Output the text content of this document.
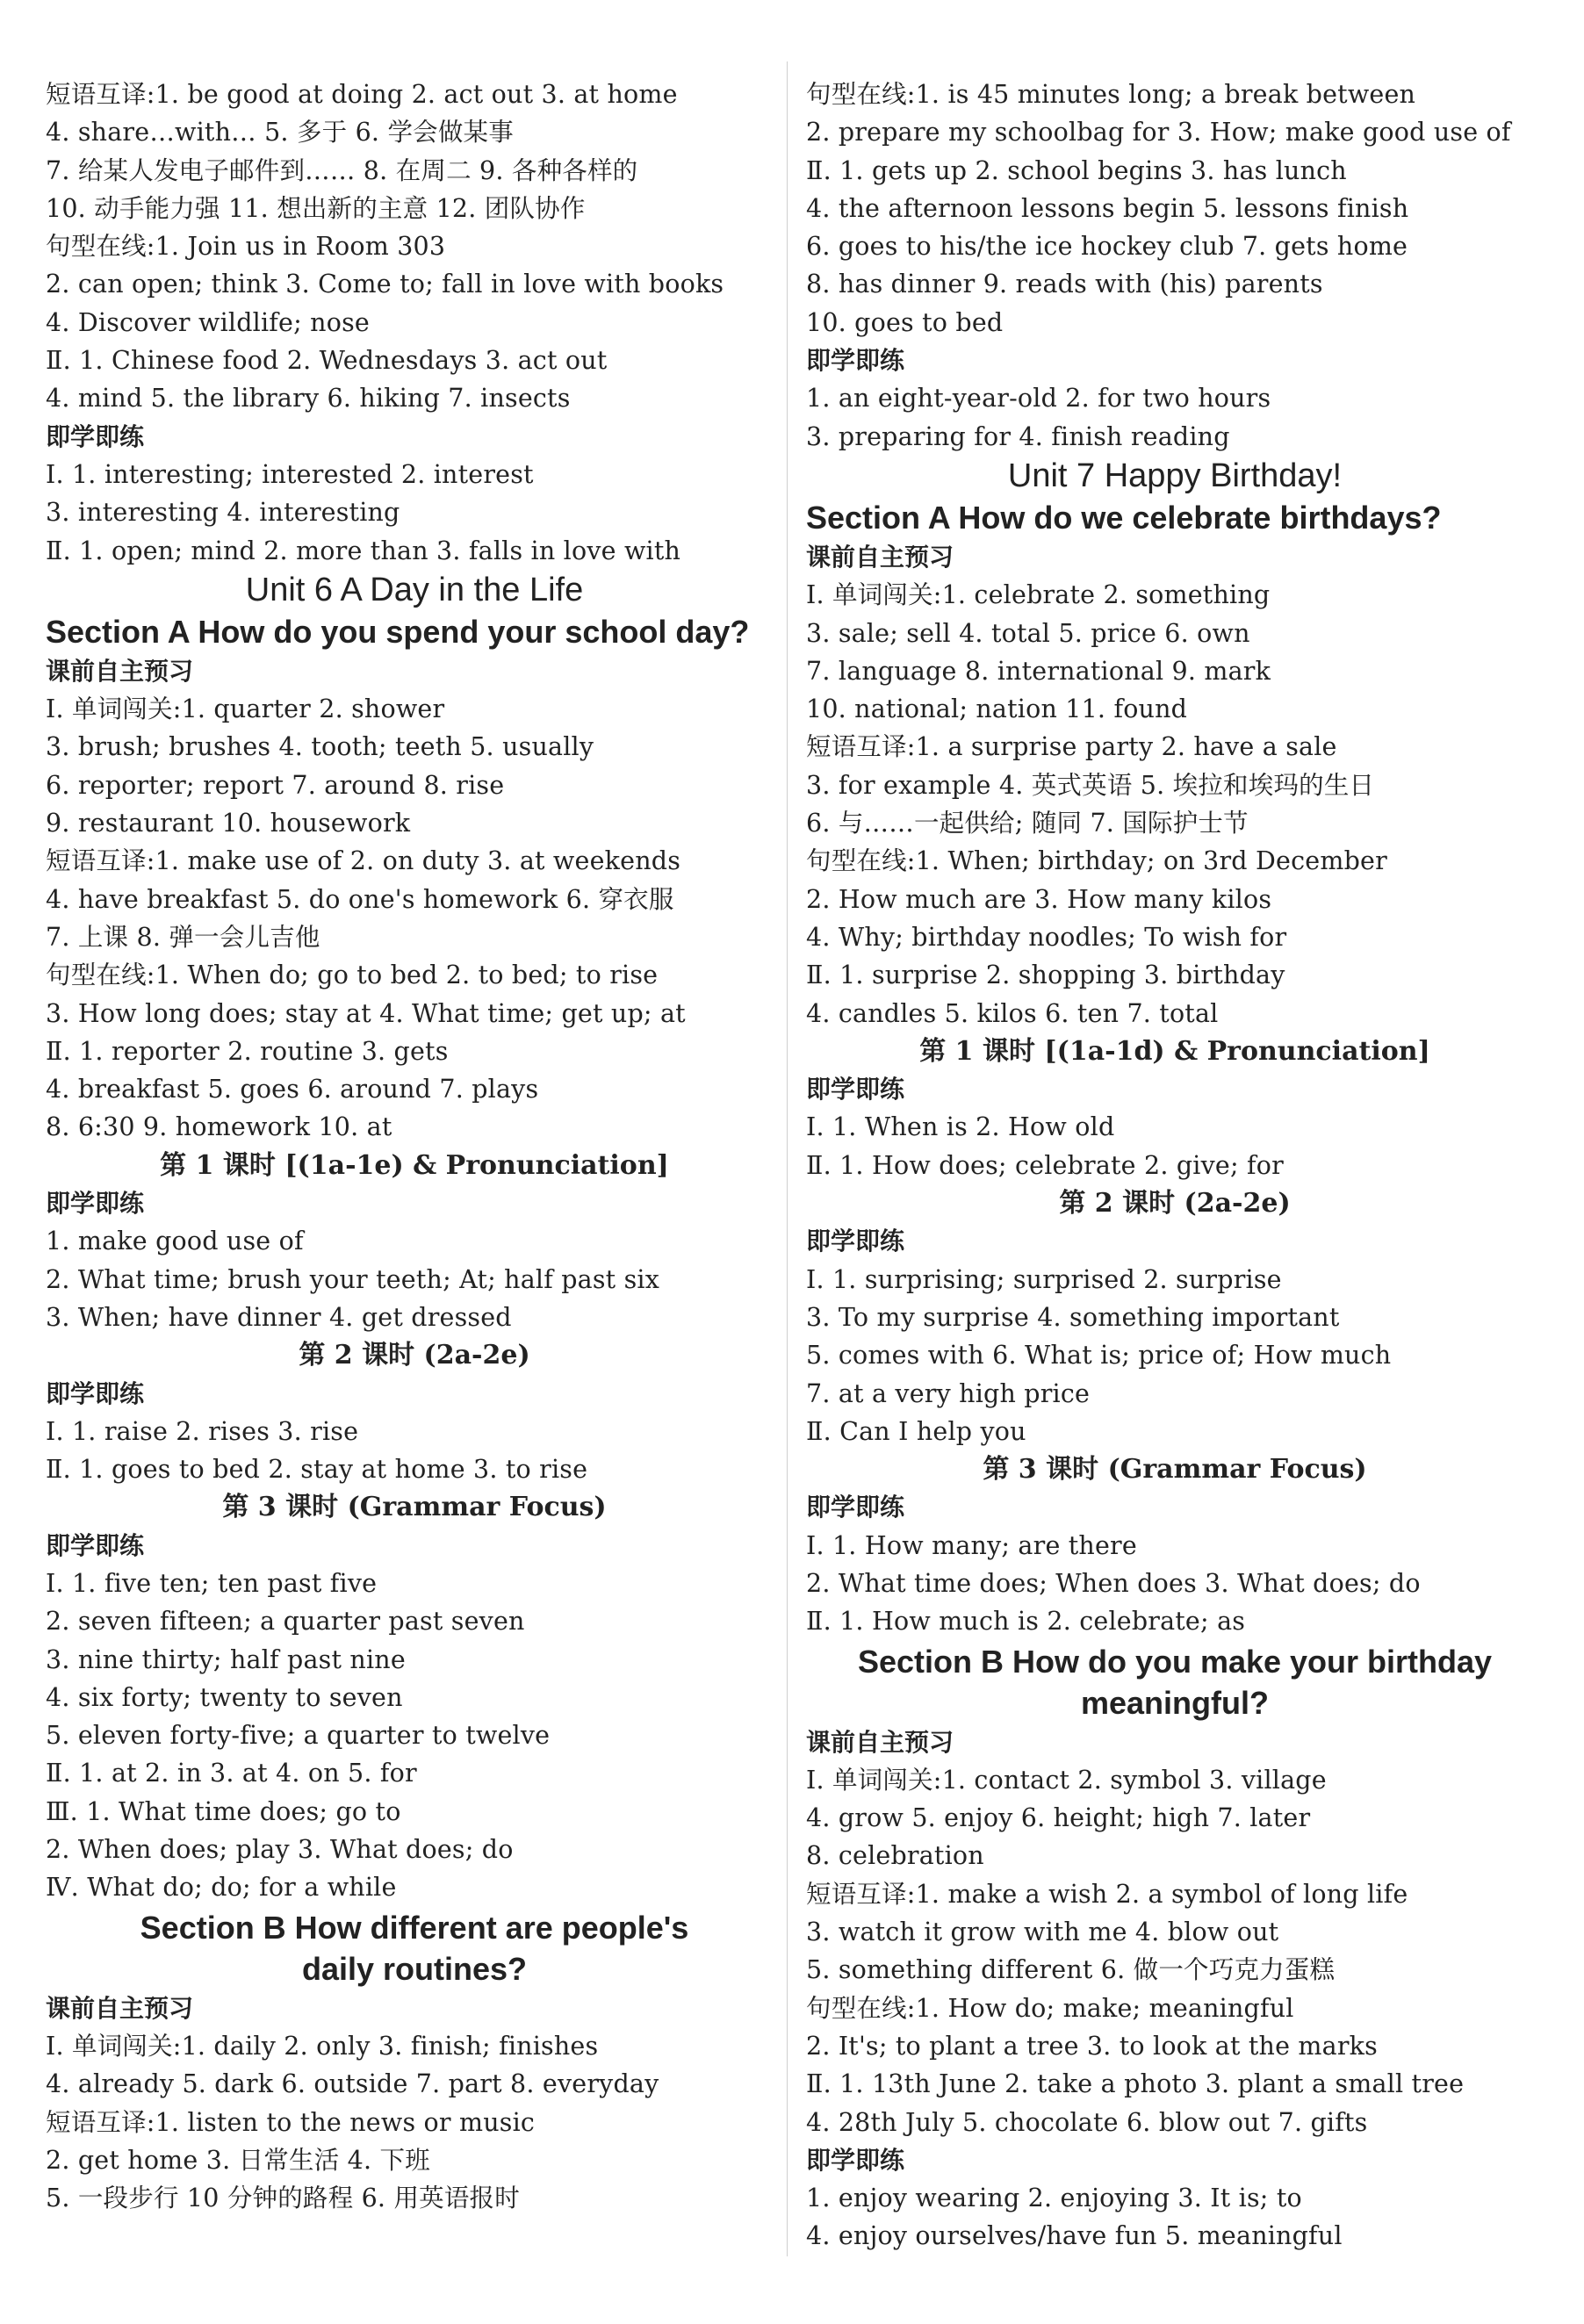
短语互译:1. be good at doing 2. act out 3. at home
4. share…with… 5. 多于 6. 学会做某事
7. 给某人发电子邮件到…… 8. 在周二 9. 各种各样的
10. 动手能力强 11. 想出新的主意 12. 团队协作
句型在线:1. Join us in Room 303
2. can open; think 3. Come to; fall in love with books
4. Discover wildlife; nose
Ⅱ. 1. Chinese food 2. Wednesdays 3. act out
4. mind 5. the library 6. hiking 7. insects
即学即练
Ⅰ. 1. interesting; interested 2. interest
3. interesting 4. interesting
Ⅱ. 1. open; mind 2. more than 3. falls in love with
Unit 6 A Day in the Life
Section A How do you spend your school day?
课前自主预习
Ⅰ. 单词闯关:1. quarter 2. shower
3. brush; brushes 4. tooth; teeth 5. usually
6. reporter; report 7. around 8. rise
9. restaurant 10. housework
短语互译:1. make use of 2. on duty 3. at weekends
4. have breakfast 5. do one's homework 6. 穿衣服
7. 上课 8. 弹一会儿吉他
句型在线:1. When do; go to bed 2. to bed; to rise
3. How long does; stay at 4. What time; get up; at
Ⅱ. 1. reporter 2. routine 3. gets
4. breakfast 5. goes 6. around 7. plays
8. 6:30 9. homework 10. at
第 1 课时 [(1a-1e) & Pronunciation]
即学即练
1. make good use of
2. What time; brush your teeth; At; half past six
3. When; have dinner 4. get dressed
第 2 课时 (2a-2e)
即学即练
Ⅰ. 1. raise 2. rises 3. rise
Ⅱ. 1. goes to bed 2. stay at home 3. to rise
第 3 课时 (Grammar Focus)
即学即练
Ⅰ. 1. five ten; ten past five
2. seven fifteen; a quarter past seven
3. nine thirty; half past nine
4. six forty; twenty to seven
5. eleven forty-five; a quarter to twelve
Ⅱ. 1. at 2. in 3. at 4. on 5. for
Ⅲ. 1. What time does; go to
2. When does; play 3. What does; do
Ⅳ. What do; do; for a while
Section B How different are people's
daily routines?
课前自主预习
Ⅰ. 单词闯关:1. daily 2. only 3. finish; finishes
4. already 5. dark 6. outside 7. part 8. everyday
短语互译:1. listen to the news or music
2. get home 3. 日常生活 4. 下班
5. 一段步行 10 分钟的路程 6. 用英语报时
句型在线:1. is 45 minutes long; a break between
2. prepare my schoolbag for 3. How; make good use of
Ⅱ. 1. gets up 2. school begins 3. has lunch
4. the afternoon lessons begin 5. lessons finish
6. goes to his/the ice hockey club 7. gets home
8. has dinner 9. reads with (his) parents
10. goes to bed
即学即练
1. an eight-year-old 2. for two hours
3. preparing for 4. finish reading
Unit 7 Happy Birthday!
Section A How do we celebrate birthdays?
课前自主预习
Ⅰ. 单词闯关:1. celebrate 2. something
3. sale; sell 4. total 5. price 6. own
7. language 8. international 9. mark
10. national; nation 11. found
短语互译:1. a surprise party 2. have a sale
3. for example 4. 英式英语 5. 埃拉和埃玛的生日
6. 与……一起供给; 随同 7. 国际护士节
句型在线:1. When; birthday; on 3rd December
2. How much are 3. How many kilos
4. Why; birthday noodles; To wish for
Ⅱ. 1. surprise 2. shopping 3. birthday
4. candles 5. kilos 6. ten 7. total
第 1 课时 [(1a-1d) & Pronunciation]
即学即练
Ⅰ. 1. When is 2. How old
Ⅱ. 1. How does; celebrate 2. give; for
第 2 课时 (2a-2e)
即学即练
Ⅰ. 1. surprising; surprised 2. surprise
3. To my surprise 4. something important
5. comes with 6. What is; price of; How much
7. at a very high price
Ⅱ. Can I help you
第 3 课时 (Grammar Focus)
即学即练
Ⅰ. 1. How many; are there
2. What time does; When does 3. What does; do
Ⅱ. 1. How much is 2. celebrate; as
Section B How do you make your birthday
meaningful?
课前自主预习
Ⅰ. 单词闯关:1. contact 2. symbol 3. village
4. grow 5. enjoy 6. height; high 7. later
8. celebration
短语互译:1. make a wish 2. a symbol of long life
3. watch it grow with me 4. blow out
5. something different 6. 做一个巧克力蛋糕
句型在线:1. How do; make; meaningful
2. It's; to plant a tree 3. to look at the marks
Ⅱ. 1. 13th June 2. take a photo 3. plant a small tree
4. 28th July 5. chocolate 6. blow out 7. gifts
即学即练
1. enjoy wearing 2. enjoying 3. It is; to
4. enjoy ourselves/have fun 5. meaningful
